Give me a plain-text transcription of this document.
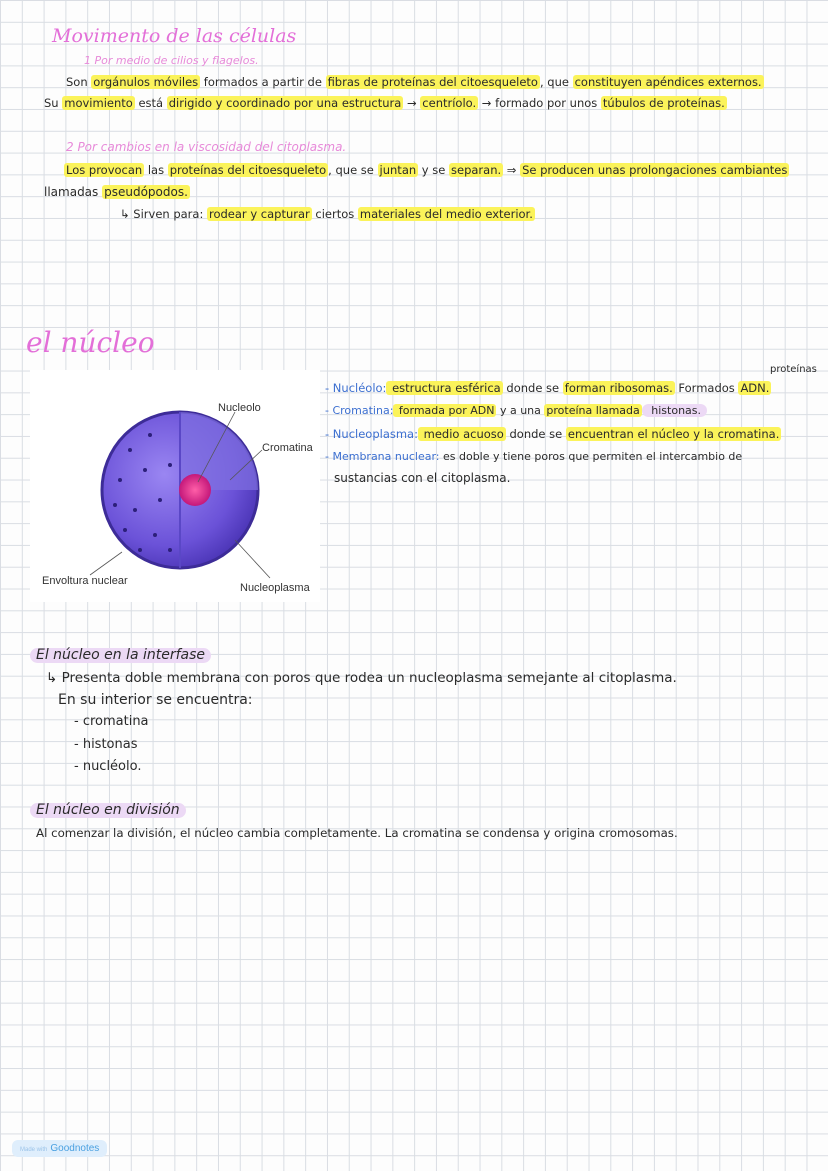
Movimento de las células
1 Por medio de cilios y flagelos.
Son orgánulos móviles formados a partir de fibras de proteínas del citoesqueleto , que constituyen apéndices externos.
Su movimiento está dirigido y coordinado por una estructura → centríolo. → formado por unos túbulos de proteínas.
2 Por cambios en la viscosidad del citoplasma.
Los provocan las proteínas del citoesqueleto , que se juntan y se separan. ⇒ Se producen unas prolongaciones cambiantes
llamadas pseudópodos.
↳ Sirven para: rodear y capturar ciertos materiales del medio exterior.
el núcleo
Nucleolo
Cromatina
Envoltura nuclear
Nucleoplasma
proteínas
- Nucléolo: estructura esférica donde se forman ribosomas. Formados ADN.
- Cromatina: formada por ADN y a una proteína llamada histonas.
- Nucleoplasma: medio acuoso donde se encuentran el núcleo y la cromatina.
- Membrana nuclear: es doble y tiene poros que permiten el intercambio de
sustancias con el citoplasma.
El núcleo en la interfase
↳ Presenta doble membrana con poros que rodea un nucleoplasma semejante al citoplasma.
En su interior se encuentra:
- cromatina
- histonas
- nucléolo.
El núcleo en división
Al comenzar la división, el núcleo cambia completamente. La cromatina se condensa y origina cromosomas.
Made with Goodnotes
